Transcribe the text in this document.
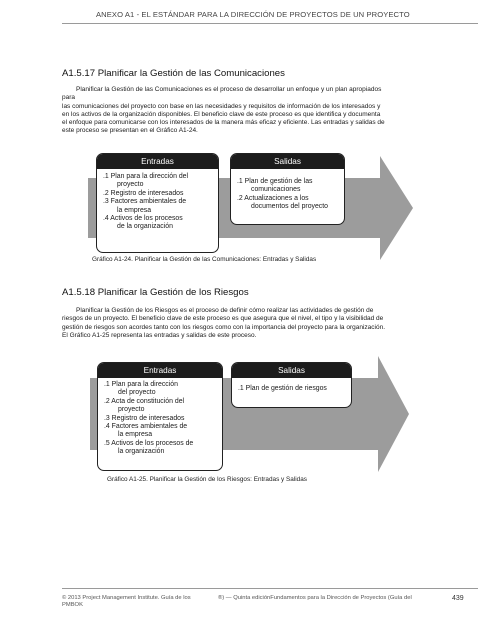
ANEXO A1 - EL ESTÁNDAR PARA LA DIRECCIÓN DE PROYECTOS DE UN PROYECTO
A1.5.17 Planificar la Gestión de las Comunicaciones
Planificar la Gestión de las Comunicaciones es el proceso de desarrollar un enfoque y un plan apropiados
para
las comunicaciones del proyecto con base en las necesidades y requisitos de información de los interesados y
en los activos de la organización disponibles. El beneficio clave de este proceso es que identifica y documenta
el enfoque para comunicarse con los interesados de la manera más eficaz y eficiente. Las entradas y salidas de
este proceso se presentan en el Gráfico A1-24.
Entradas
.1 Plan para la dirección del
proyecto
.2 Registro de interesados
.3 Factores ambientales de
la empresa
.4 Activos de los procesos
de la organización
Salidas
.1 Plan de gestión de las
comunicaciones
.2 Actualizaciones a los
documentos del proyecto
Gráfico A1-24. Planificar la Gestión de las Comunicaciones: Entradas y Salidas
A1.5.18 Planificar la Gestión de los Riesgos
Planificar la Gestión de los Riesgos es el proceso de definir cómo realizar las actividades de gestión de
riesgos de un proyecto. El beneficio clave de este proceso es que asegura que el nivel, el tipo y la visibilidad de
gestión de riesgos son acordes tanto con los riesgos como con la importancia del proyecto para la organización.
El Gráfico A1-25 representa las entradas y salidas de este proceso.
Entradas
.1 Plan para la dirección
del proyecto
.2 Acta de constitución del
proyecto
.3 Registro de interesados
.4 Factores ambientales de
la empresa
.5 Activos de los procesos de
la organización
Salidas
.1 Plan de gestión de riesgos
Gráfico A1-25. Planificar la Gestión de los Riesgos: Entradas y Salidas
© 2013 Project Management Institute. Guía de los
PMBOK
®) — Quinta ediciónFundamentos para la Dirección de Proyectos (Guía del	439
